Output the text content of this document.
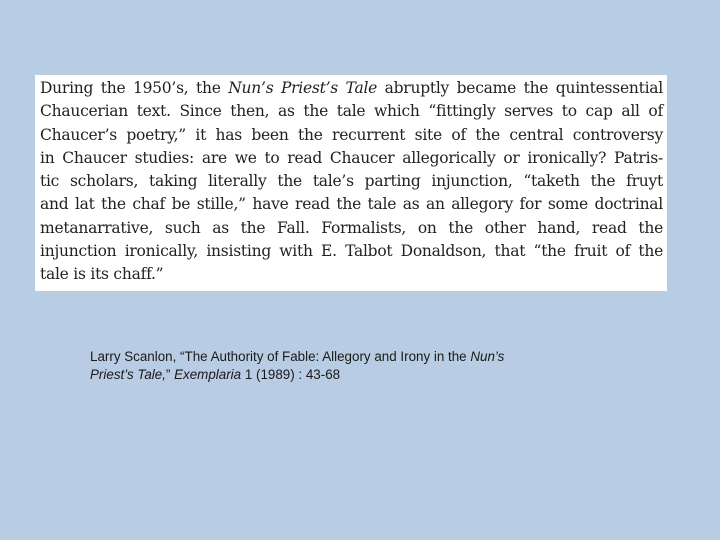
During the 1950’s, the Nun’s Priest’s Tale abruptly became the quintessential
Chaucerian text. Since then, as the tale which “fittingly serves to cap all of
Chaucer’s poetry,” it has been the recurrent site of the central controversy
in Chaucer studies: are we to read Chaucer allegorically or ironically? Patris-
tic scholars, taking literally the tale’s parting injunction, “taketh the fruyt
and lat the chaf be stille,” have read the tale as an allegory for some doctrinal
metanarrative, such as the Fall. Formalists, on the other hand, read the
injunction ironically, insisting with E. Talbot Donaldson, that “the fruit of the
tale is its chaff.”
Larry Scanlon, “The Authority of Fable: Allegory and Irony in the Nun’s
Priest’s Tale,” Exemplaria 1 (1989) : 43-68
